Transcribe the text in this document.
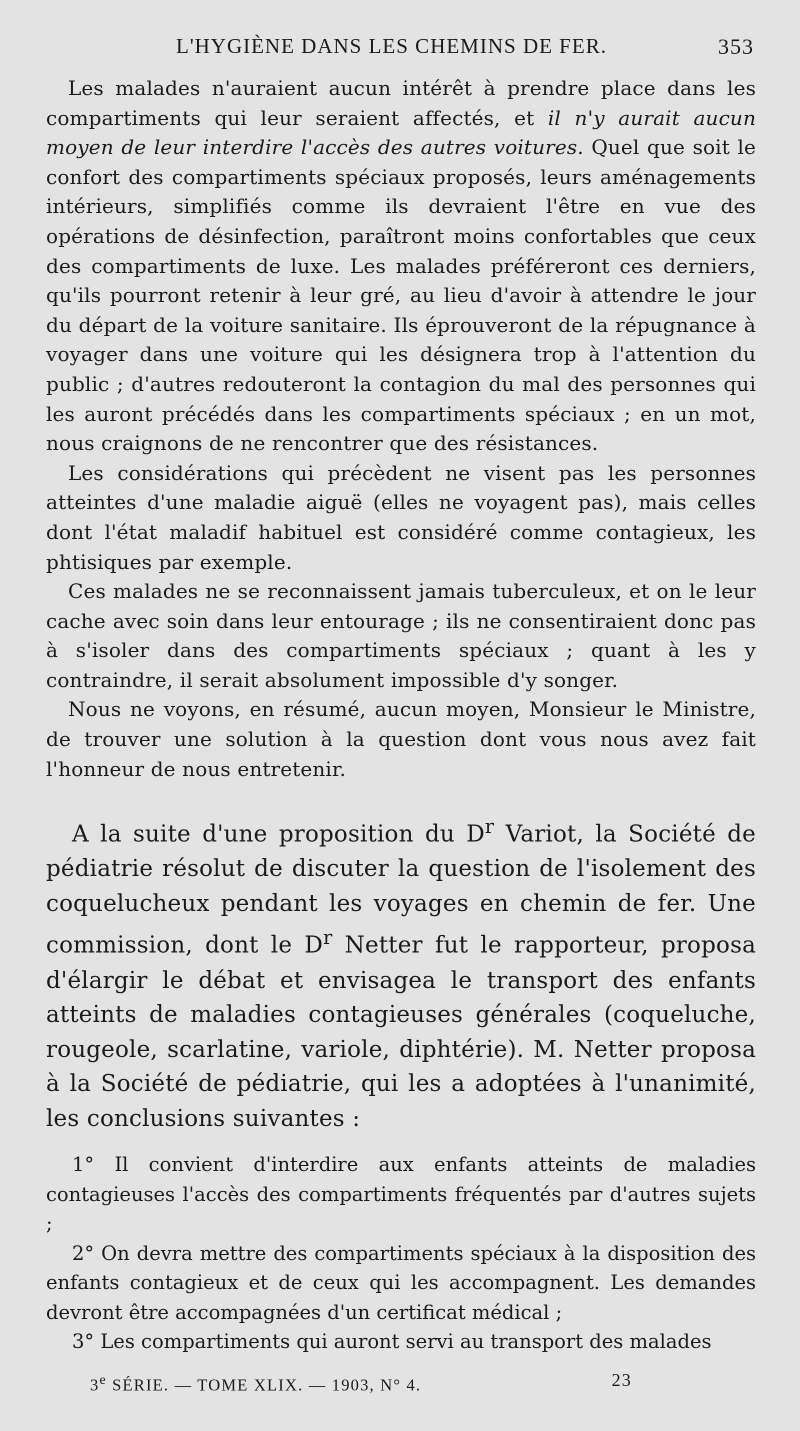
L'HYGIÈNE DANS LES CHEMINS DE FER.	353

Les malades n'auraient aucun intérêt à prendre place dans les compartiments qui leur seraient affectés, et il n'y aurait aucun moyen de leur interdire l'accès des autres voitures. Quel que soit le confort des compartiments spéciaux proposés, leurs aménagements intérieurs, simplifiés comme ils devraient l'être en vue des opérations de désinfection, paraîtront moins confortables que ceux des compartiments de luxe. Les malades préféreront ces derniers, qu'ils pourront retenir à leur gré, au lieu d'avoir à attendre le jour du départ de la voiture sanitaire. Ils éprouveront de la répugnance à voyager dans une voiture qui les désignera trop à l'attention du public ; d'autres redouteront la contagion du mal des personnes qui les auront précédés dans les compartiments spéciaux ; en un mot, nous craignons de ne rencontrer que des résistances.

Les considérations qui précèdent ne visent pas les personnes atteintes d'une maladie aiguë (elles ne voyagent pas), mais celles dont l'état maladif habituel est considéré comme contagieux, les phtisiques par exemple.

Ces malades ne se reconnaissent jamais tuberculeux, et on le leur cache avec soin dans leur entourage ; ils ne consentiraient donc pas à s'isoler dans des compartiments spéciaux ; quant à les y contraindre, il serait absolument impossible d'y songer.

Nous ne voyons, en résumé, aucun moyen, Monsieur le Ministre, de trouver une solution à la question dont vous nous avez fait l'honneur de nous entretenir.

A la suite d'une proposition du $D^r$ Variot, la Société de pédiatrie résolut de discuter la question de l'isolement des coquelucheux pendant les voyages en chemin de fer. Une commission, dont le $D^r$ Netter fut le rapporteur, proposa d'élargir le débat et envisagea le transport des enfants atteints de maladies contagieuses générales (coqueluche, rougeole, scarlatine, variole, diphtérie). M. Netter proposa à la Société de pédiatrie, qui les a adoptées à l'unanimité, les conclusions suivantes :

1° Il convient d'interdire aux enfants atteints de maladies contagieuses l'accès des compartiments fréquentés par d'autres sujets ;

2° On devra mettre des compartiments spéciaux à la disposition des enfants contagieux et de ceux qui les accompagnent. Les demandes devront être accompagnées d'un certificat médical ;

3° Les compartiments qui auront servi au transport des malades

3e SÉRIE. — TOME XLIX. — 1903, N° 4.	23
